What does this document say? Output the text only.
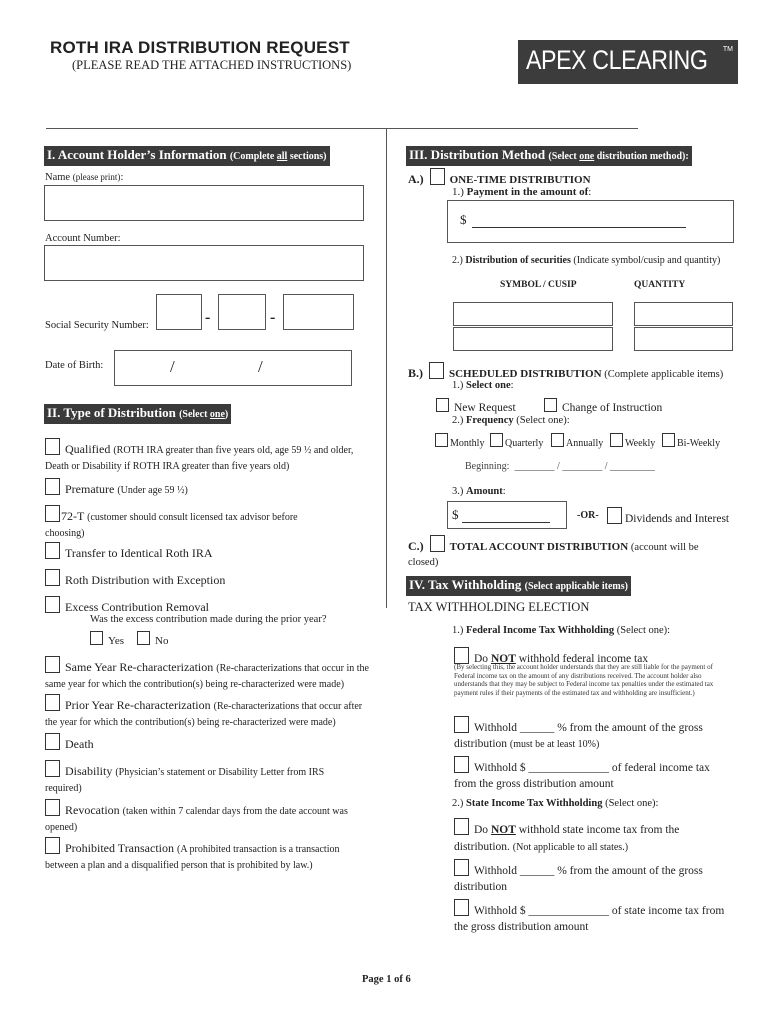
ROTH IRA DISTRIBUTION REQUEST
(PLEASE READ THE ATTACHED INSTRUCTIONS)	APEX CLEARING TM
I. Account Holder’s Information (Complete all sections)
Name (please print):
Account Number:
Social Security Number:	-	-
Date of Birth:	/	/
II. Type of Distribution (Select one)
Qualified (ROTH IRA greater than five years old, age 59 ½ and older, Death or Disability if ROTH IRA greater than five years old)
Premature (Under age 59 ½)
72-T (customer should consult licensed tax advisor before choosing)
Transfer to Identical Roth IRA
Roth Distribution with Exception
Excess Contribution Removal
Was the excess contribution made during the prior year?
Yes	No
Same Year Re-characterization (Re-characterizations that occur in the same year for which the contribution(s) being re-characterized were made)
Prior Year Re-characterization (Re-characterizations that occur after the year for which the contribution(s) being re-characterized were made)
Death
Disability (Physician’s statement or Disability Letter from IRS required)
Revocation (taken within 7 calendar days from the date account was opened)
Prohibited Transaction (A prohibited transaction is a transaction between a plan and a disqualified person that is prohibited by law.)
III. Distribution Method (Select one distribution method):
A.) ONE-TIME DISTRIBUTION
1.) Payment in the amount of:
$
2.) Distribution of securities (Indicate symbol/cusip and quantity)
SYMBOL / CUSIP	QUANTITY
B.) SCHEDULED DISTRIBUTION (Complete applicable items)
1.) Select one:
New Request	Change of Instruction
2.) Frequency (Select one):
Monthly	Quarterly	Annually	Weekly	Bi-Weekly
Beginning:  ________ / ________ / _________
3.) Amount:
$	-OR-	Dividends and Interest
C.) TOTAL ACCOUNT DISTRIBUTION (account will be closed)
IV. Tax Withholding (Select applicable items)
TAX WITHHOLDING ELECTION
1.) Federal Income Tax Withholding (Select one):
Do NOT withhold federal income tax
(By selecting this, the account holder understands that they are still liable for the payment of Federal income tax on the amount of any distributions received. The account holder also understands that they may be subject to Federal income tax penalties under the estimated tax payment rules if their payments of the estimated tax and withholding are insufficient.)
Withhold ______ % from the amount of the gross distribution (must be at least 10%)
Withhold $ ______________ of federal income tax from the gross distribution amount
2.) State Income Tax Withholding (Select one):
Do NOT withhold state income tax from the distribution. (Not applicable to all states.)
Withhold ______ % from the amount of the gross distribution
Withhold $ ______________ of state income tax from the gross distribution amount
Page 1 of 6
